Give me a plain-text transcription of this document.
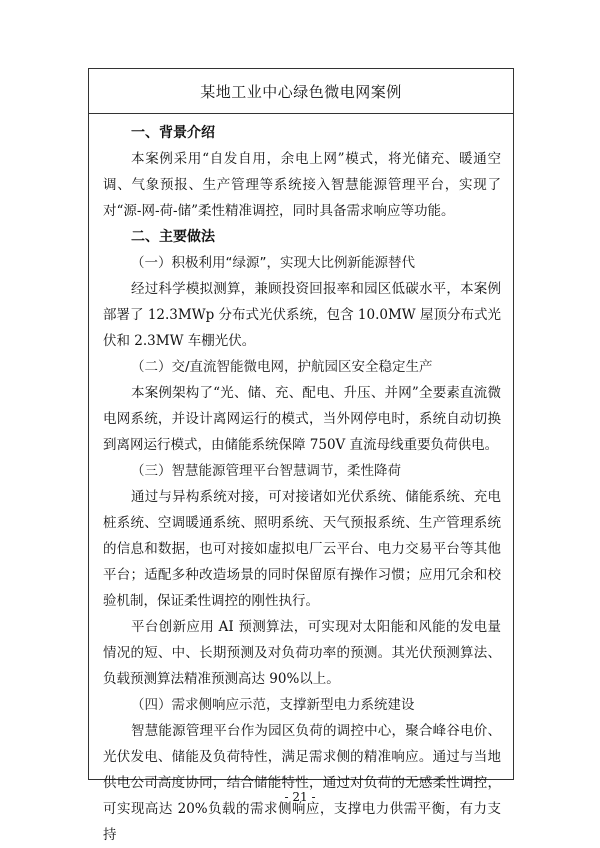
某地工业中心绿色微电网案例
一、背景介绍
本案例采用“自发自用，余电上网”模式，将光储充、暖通空调、气象预报、生产管理等系统接入智慧能源管理平台，实现了对“源-网-荷-储”柔性精准调控，同时具备需求响应等功能。
二、主要做法
（一）积极利用“绿源”，实现大比例新能源替代
经过科学模拟测算，兼顾投资回报率和园区低碳水平，本案例部署了 12.3MWp 分布式光伏系统，包含 10.0MW 屋顶分布式光伏和 2.3MW 车棚光伏。
（二）交/直流智能微电网，护航园区安全稳定生产
本案例架构了“光、储、充、配电、升压、并网”全要素直流微电网系统，并设计离网运行的模式，当外网停电时，系统自动切换到离网运行模式，由储能系统保障 750V 直流母线重要负荷供电。
（三）智慧能源管理平台智慧调节，柔性降荷
通过与异构系统对接，可对接诸如光伏系统、储能系统、充电桩系统、空调暖通系统、照明系统、天气预报系统、生产管理系统的信息和数据，也可对接如虚拟电厂云平台、电力交易平台等其他平台；适配多种改造场景的同时保留原有操作习惯；应用冗余和校验机制，保证柔性调控的刚性执行。
平台创新应用 AI 预测算法，可实现对太阳能和风能的发电量情况的短、中、长期预测及对负荷功率的预测。其光伏预测算法、负载预测算法精准预测高达 90%以上。
（四）需求侧响应示范，支撑新型电力系统建设
智慧能源管理平台作为园区负荷的调控中心，聚合峰谷电价、光伏发电、储能及负荷特性，满足需求侧的精准响应。通过与当地供电公司高度协同，结合储能特性，通过对负荷的无感柔性调控，可实现高达 20%负载的需求侧响应，支撑电力供需平衡，有力支持
- 21 -
